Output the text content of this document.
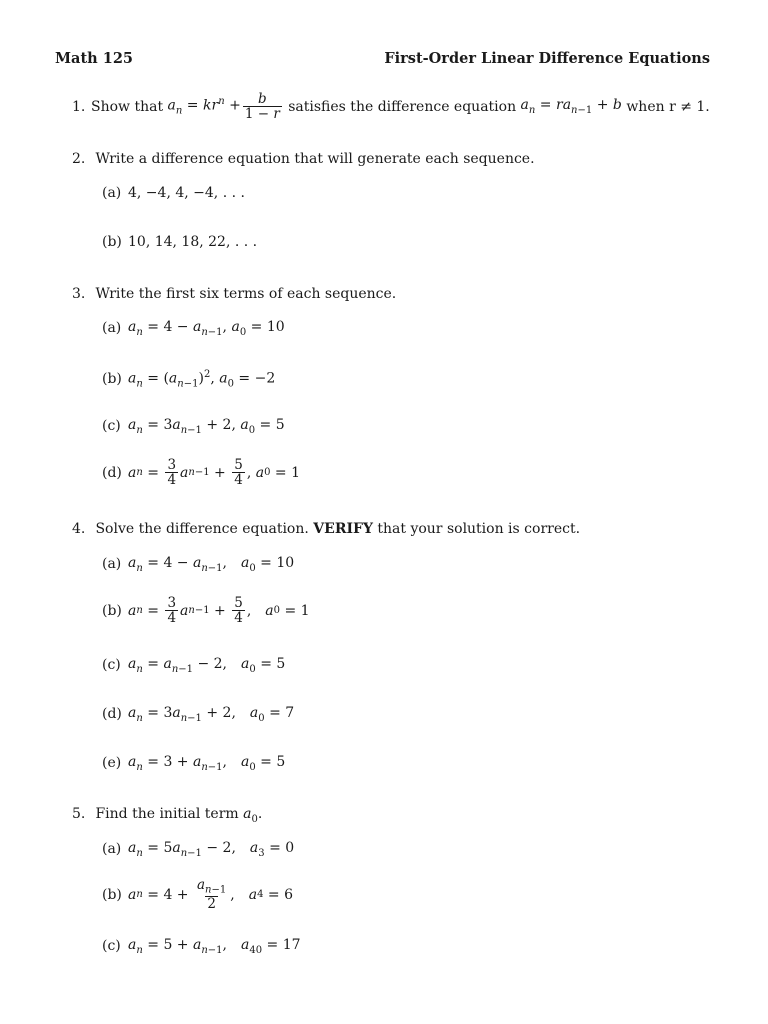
Math 125	First-Order Linear Difference Equations
1. Show that
$a_n = kr^n + \frac{b}{1 - r}$
satisfies the difference equation
$a_n = ra_{n-1} + b$
when r ≠ 1.
2. Write a difference equation that will generate each sequence.
(a) 4, −4, 4, −4, . . .
(b) 10, 14, 18, 22, . . .
3. Write the first six terms of each sequence.
(a) $a_n = 4 - a_{n-1}$, $a_0 = 10$
(b) $a_n = (a_{n-1})^2$, $a_0 = -2$
(c) $a_n = 3a_{n-1} + 2$, $a_0 = 5$
(d) a $n = \frac{3}{4}$ a $n-1 + \frac{5}{4}$ , a 0 = 1
4. Solve the difference equation. VERIFY that your solution is correct.
(a) $a_n = 4 - a_{n-1}$, $a_0 = 10$
(b) a $n = \frac{3}{4}$ a $n-1 + \frac{5}{4}$ , a 0 = 1
(c) $a_n = a_{n-1} - 2$, $a_0 = 5$
(d) $a_n = 3a_{n-1} + 2$, $a_0 = 7$
(e) $a_n = 3 + a_{n-1}$, $a_0 = 5$
5. Find the initial term $a_0$.
(a) $a_n = 5a_{n-1} - 2$, $a_3 = 0$
(b) a $n = 4 + \frac{a_{n-1}}{2}$ , a 4 = 6
(c) $a_n = 5 + a_{n-1}$, $a_{40} = 17$
